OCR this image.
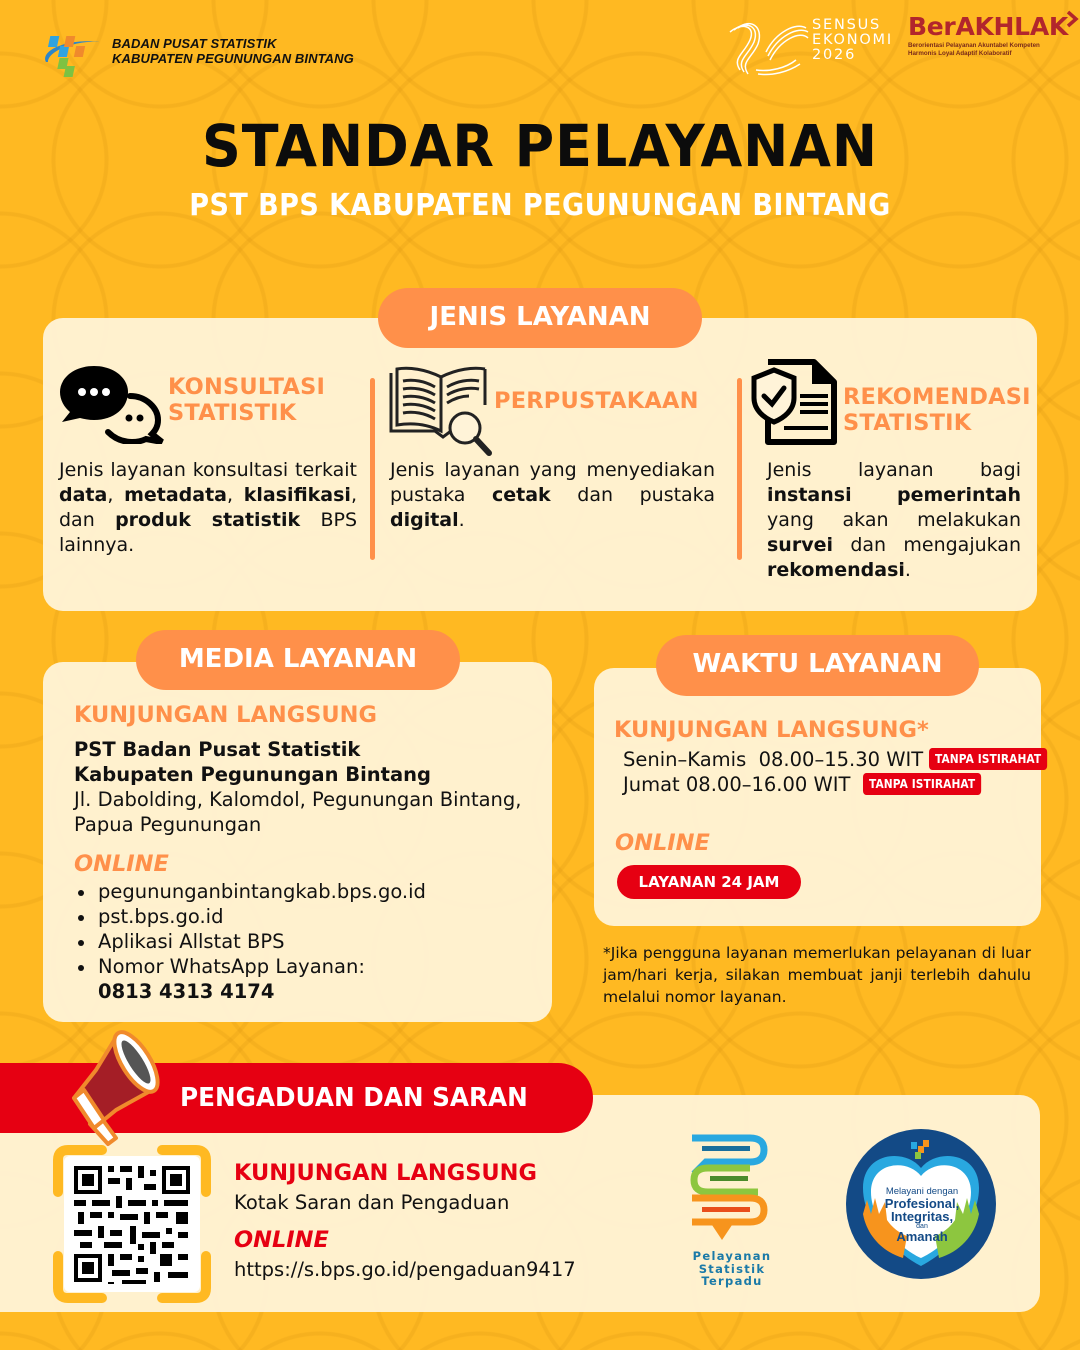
BADAN PUSAT STATISTIK
KABUPATEN PEGUNUNGAN BINTANG
SENSUS
EKONOMI
2026
BerAKHLAK
Berorientasi Pelayanan Akuntabel Kompeten
Harmonis Loyal Adaptif Kolaboratif
STANDAR PELAYANAN
PST BPS KABUPATEN PEGUNUNGAN BINTANG
JENIS LAYANAN
KONSULTASI
STATISTIK
Jenis layanan konsultasi terkait data, metadata, klasifikasi, dan produk statistik BPS lainnya.
PERPUSTAKAAN
Jenis layanan yang menyediakan pustaka cetak dan pustaka digital.
REKOMENDASI
STATISTIK
Jenis layanan bagi instansi pemerintah yang akan melakukan survei dan mengajukan rekomendasi.
MEDIA LAYANAN
KUNJUNGAN LANGSUNG
PST Badan Pusat Statistik
Kabupaten Pegunungan Bintang
Jl. Dabolding, Kalomdol, Pegunungan Bintang,
Papua Pegunungan
ONLINE
pegununganbintangkab.bps.go.id
pst.bps.go.id
Aplikasi Allstat BPS
Nomor WhatsApp Layanan:
0813 4313 4174
WAKTU LAYANAN
KUNJUNGAN LANGSUNG*
Senin–Kamis  08.00–15.30 WIT TANPA ISTIRAHAT
Jumat 08.00–16.00 WIT TANPA ISTIRAHAT
ONLINE
LAYANAN 24 JAM
*Jika pengguna layanan memerlukan pelayanan di luar jam/hari kerja, silakan membuat janji terlebih dahulu melalui nomor layanan.
PENGADUAN DAN SARAN
KUNJUNGAN LANGSUNG
Kotak Saran dan Pengaduan
ONLINE
https://s.bps.go.id/pengaduan9417
Pelayanan
Statistik
Terpadu
Melayani dengan
Profesional,
Integritas,
dan
Amanah
